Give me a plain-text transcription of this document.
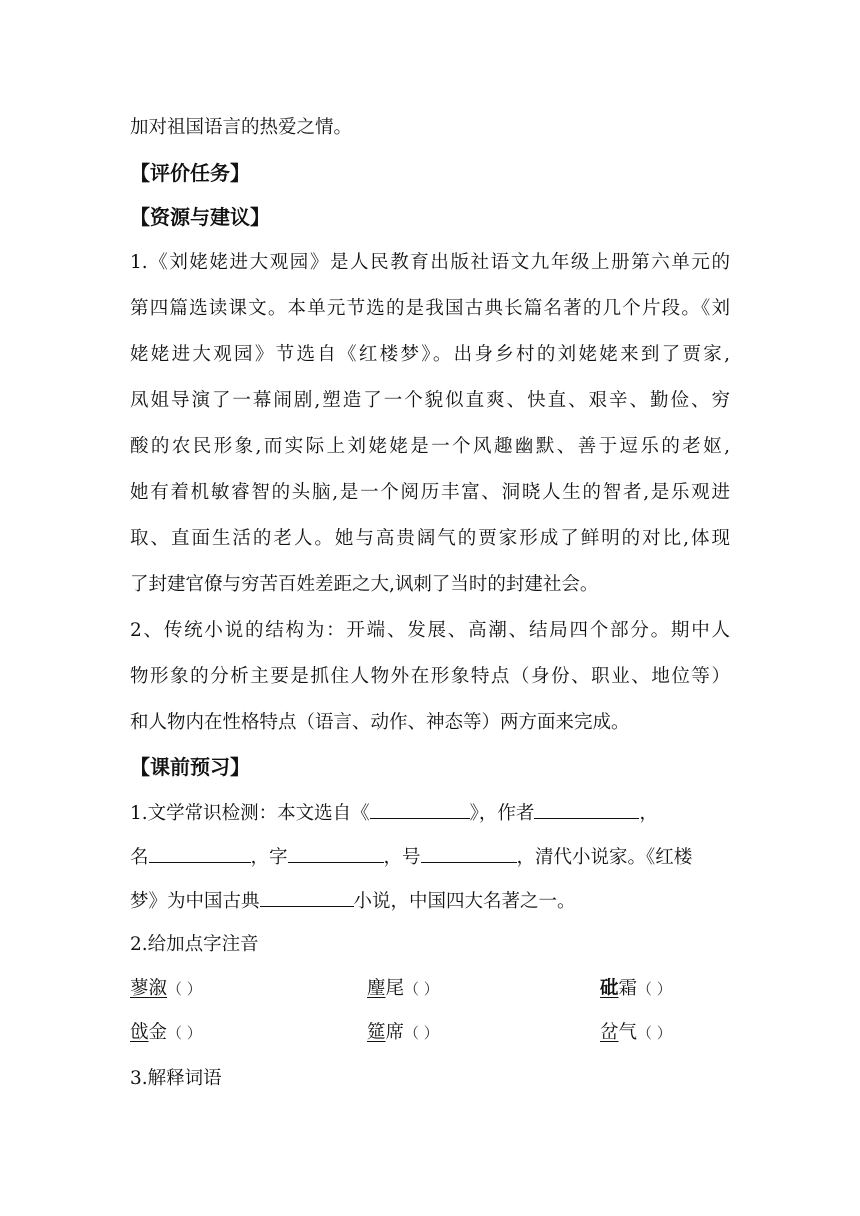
加对祖国语言的热爱之情。
【评价任务】
【资源与建议】
1.《刘姥姥进大观园》是人民教育出版社语文九年级上册第六单元的
第四篇选读课文。本单元节选的是我国古典长篇名著的几个片段。《刘
姥姥进大观园》节选自《红楼梦》。出身乡村的刘姥姥来到了贾家,
凤姐导演了一幕闹剧,塑造了一个貌似直爽、快直、艰辛、勤俭、穷
酸的农民形象,而实际上刘姥姥是一个风趣幽默、善于逗乐的老妪,
她有着机敏睿智的头脑,是一个阅历丰富、洞晓人生的智者,是乐观进
取、直面生活的老人。她与高贵阔气的贾家形成了鲜明的对比,体现
了封建官僚与穷苦百姓差距之大,讽刺了当时的封建社会。
2、传统小说的结构为：开端、发展、高潮、结局四个部分。期中人
物形象的分析主要是抓住人物外在形象特点（身份、职业、地位等）
和人物内在性格特点（语言、动作、神态等）两方面来完成。
【课前预习】
1.文学常识检测：本文选自《	》，作者	，
名	，字	，号	，清代小说家。《红楼
梦》为中国古典	小说，中国四大名著之一。
2.给加点字注音
蓼溆（ ）	麈尾（ ）	砒霜（ ）
戗金（ ）	筵席（ ）	岔气（ ）
3.解释词语
